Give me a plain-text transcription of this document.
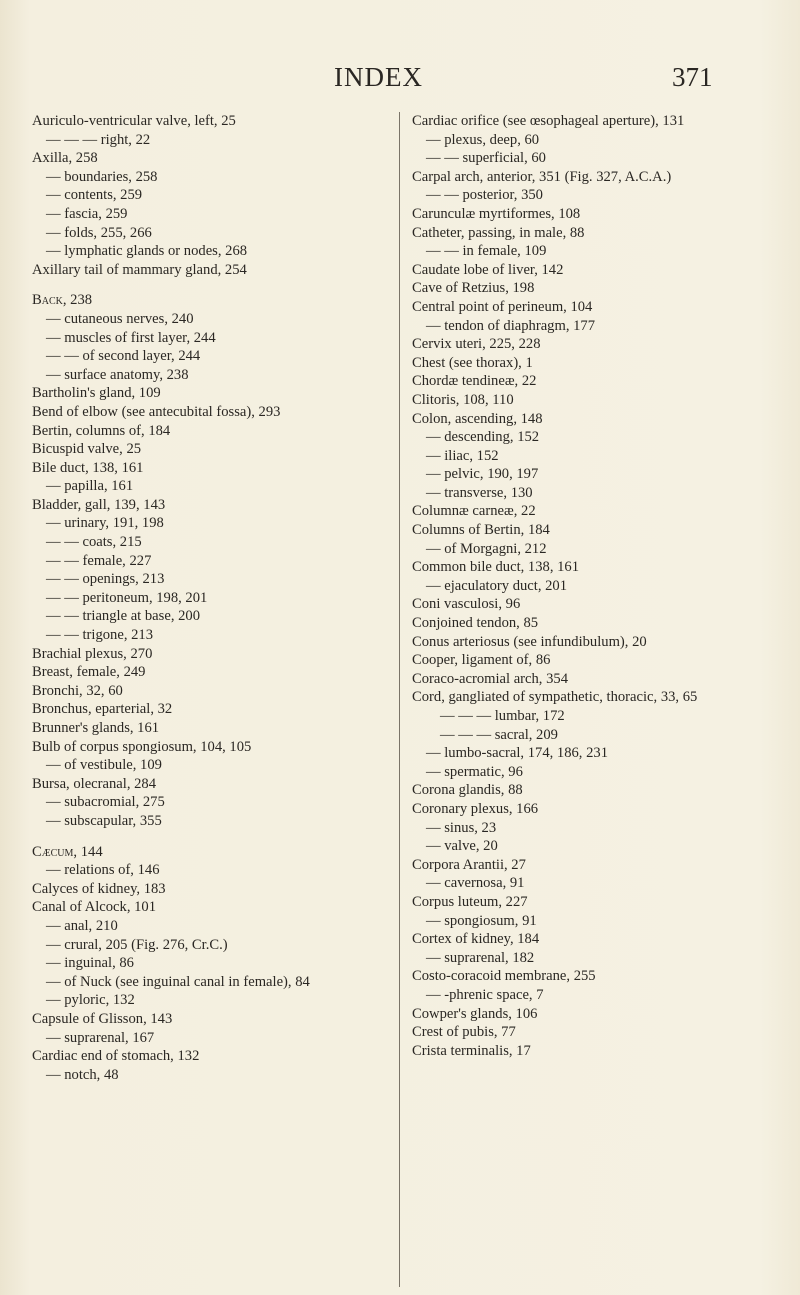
INDEX	371
Auriculo-ventricular valve, left, 25
— — — right, 22
Axilla, 258
— boundaries, 258
— contents, 259
— fascia, 259
— folds, 255, 266
— lymphatic glands or nodes, 268
Axillary tail of mammary gland, 254
Back, 238
— cutaneous nerves, 240
— muscles of first layer, 244
— — of second layer, 244
— surface anatomy, 238
Bartholin's gland, 109
Bend of elbow (see antecubital fossa), 293
Bertin, columns of, 184
Bicuspid valve, 25
Bile duct, 138, 161
— papilla, 161
Bladder, gall, 139, 143
— urinary, 191, 198
— — coats, 215
— — female, 227
— — openings, 213
— — peritoneum, 198, 201
— — triangle at base, 200
— — trigone, 213
Brachial plexus, 270
Breast, female, 249
Bronchi, 32, 60
Bronchus, eparterial, 32
Brunner's glands, 161
Bulb of corpus spongiosum, 104, 105
— of vestibule, 109
Bursa, olecranal, 284
— subacromial, 275
— subscapular, 355
Cæcum, 144
— relations of, 146
Calyces of kidney, 183
Canal of Alcock, 101
— anal, 210
— crural, 205 (Fig. 276, Cr.C.)
— inguinal, 86
— of Nuck (see inguinal canal in female), 84
— pyloric, 132
Capsule of Glisson, 143
— suprarenal, 167
Cardiac end of stomach, 132
— notch, 48
Cardiac orifice (see œsophageal aperture), 131
— plexus, deep, 60
— — superficial, 60
Carpal arch, anterior, 351 (Fig. 327, A.C.A.)
— — posterior, 350
Carunculæ myrtiformes, 108
Catheter, passing, in male, 88
— — in female, 109
Caudate lobe of liver, 142
Cave of Retzius, 198
Central point of perineum, 104
— tendon of diaphragm, 177
Cervix uteri, 225, 228
Chest (see thorax), 1
Chordæ tendineæ, 22
Clitoris, 108, 110
Colon, ascending, 148
— descending, 152
— iliac, 152
— pelvic, 190, 197
— transverse, 130
Columnæ carneæ, 22
Columns of Bertin, 184
— of Morgagni, 212
Common bile duct, 138, 161
— ejaculatory duct, 201
Coni vasculosi, 96
Conjoined tendon, 85
Conus arteriosus (see infundibulum), 20
Cooper, ligament of, 86
Coraco-acromial arch, 354
Cord, gangliated of sympathetic, thoracic, 33, 65
— — — lumbar, 172
— — — sacral, 209
— lumbo-sacral, 174, 186, 231
— spermatic, 96
Corona glandis, 88
Coronary plexus, 166
— sinus, 23
— valve, 20
Corpora Arantii, 27
— cavernosa, 91
Corpus luteum, 227
— spongiosum, 91
Cortex of kidney, 184
— suprarenal, 182
Costo-coracoid membrane, 255
— -phrenic space, 7
Cowper's glands, 106
Crest of pubis, 77
Crista terminalis, 17
